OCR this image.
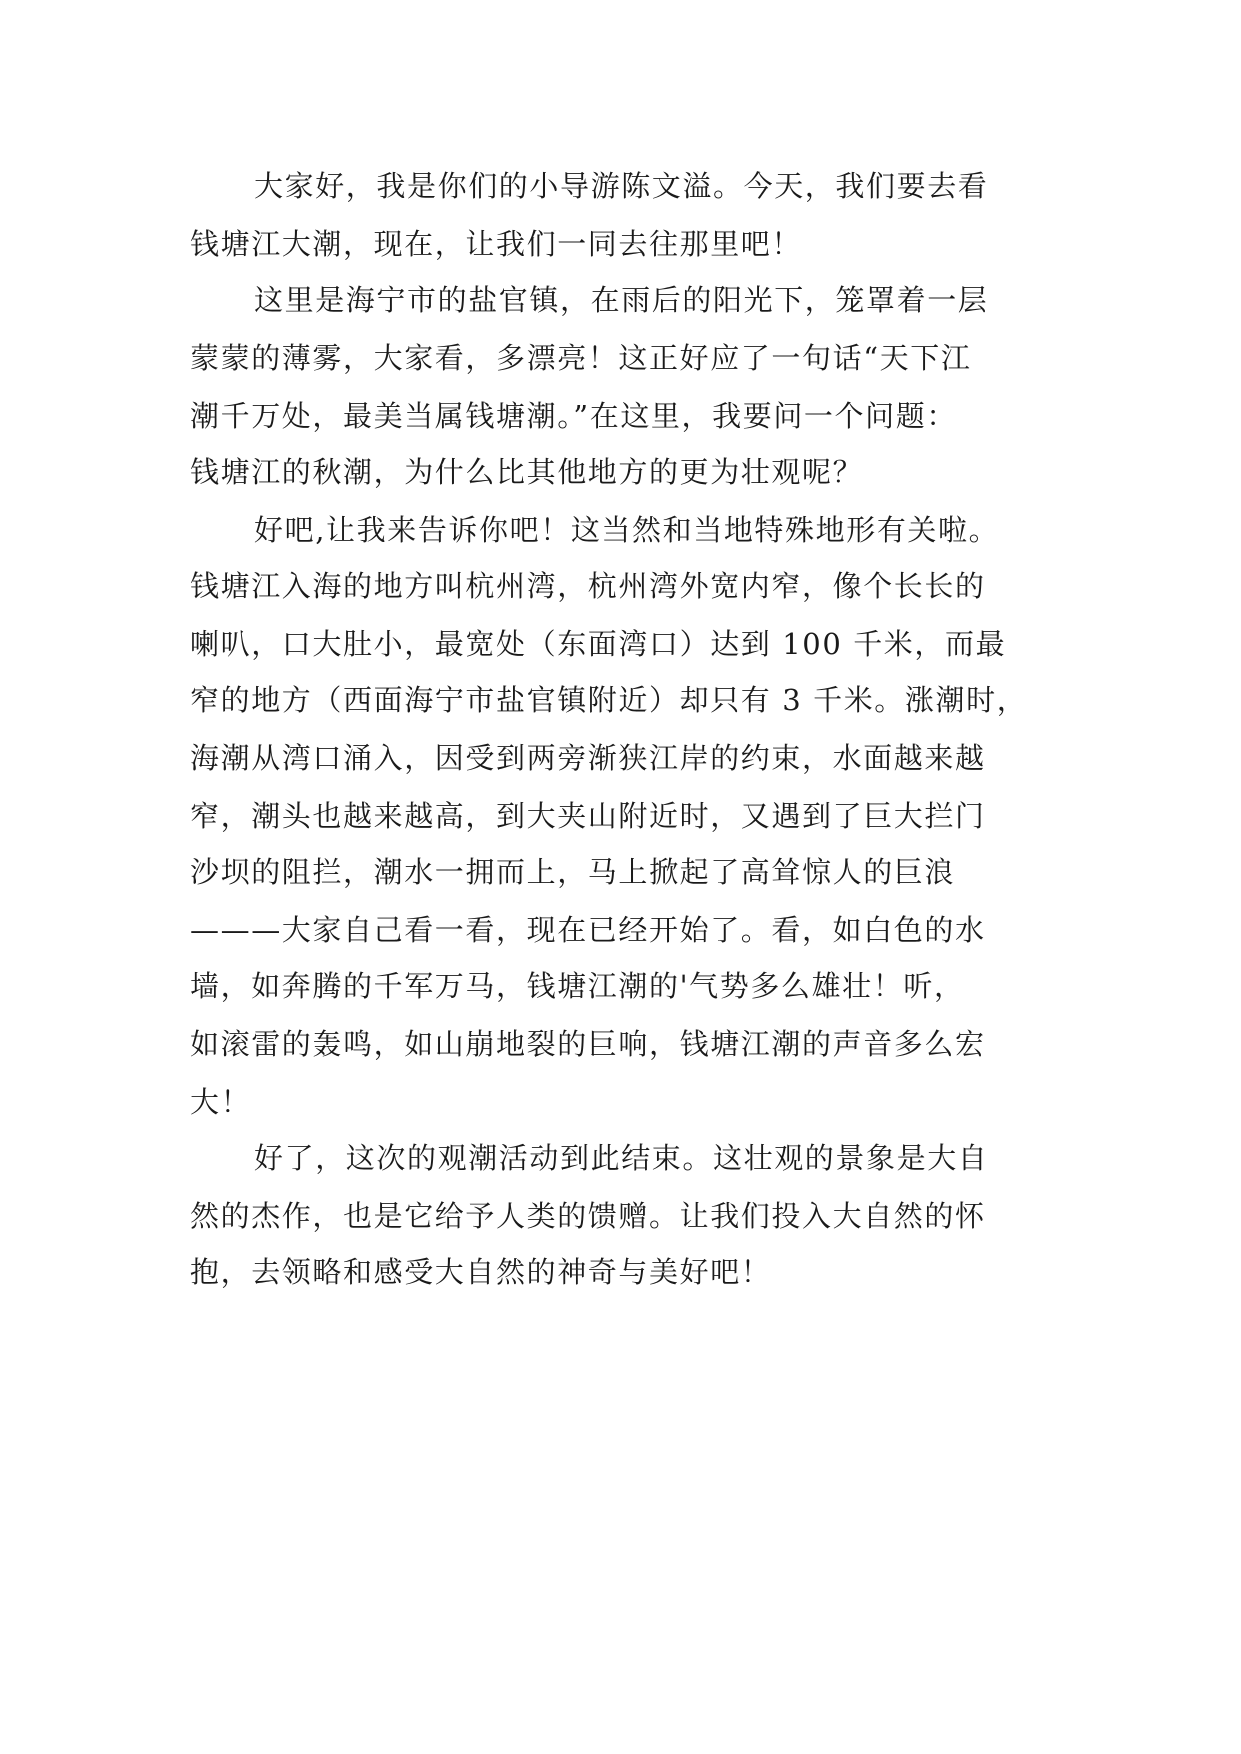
大家好，我是你们的小导游陈文溢。今天，我们要去看
钱塘江大潮，现在，让我们一同去往那里吧！
这里是海宁市的盐官镇，在雨后的阳光下，笼罩着一层
蒙蒙的薄雾，大家看，多漂亮！这正好应了一句话“天下江
潮千万处，最美当属钱塘潮。”在这里，我要问一个问题：
钱塘江的秋潮，为什么比其他地方的更为壮观呢？
好吧,让我来告诉你吧！这当然和当地特殊地形有关啦。
钱塘江入海的地方叫杭州湾，杭州湾外宽内窄，像个长长的
喇叭，口大肚小，最宽处（东面湾口）达到 100 千米，而最
窄的地方（西面海宁市盐官镇附近）却只有 3 千米。涨潮时，
海潮从湾口涌入，因受到两旁渐狭江岸的约束，水面越来越
窄，潮头也越来越高，到大夹山附近时，又遇到了巨大拦门
沙坝的阻拦，潮水一拥而上，马上掀起了高耸惊人的巨浪
———大家自己看一看，现在已经开始了。看，如白色的水
墙，如奔腾的千军万马，钱塘江潮的'气势多么雄壮！听，
如滚雷的轰鸣，如山崩地裂的巨响，钱塘江潮的声音多么宏
大！
好了，这次的观潮活动到此结束。这壮观的景象是大自
然的杰作，也是它给予人类的馈赠。让我们投入大自然的怀
抱，去领略和感受大自然的神奇与美好吧！
